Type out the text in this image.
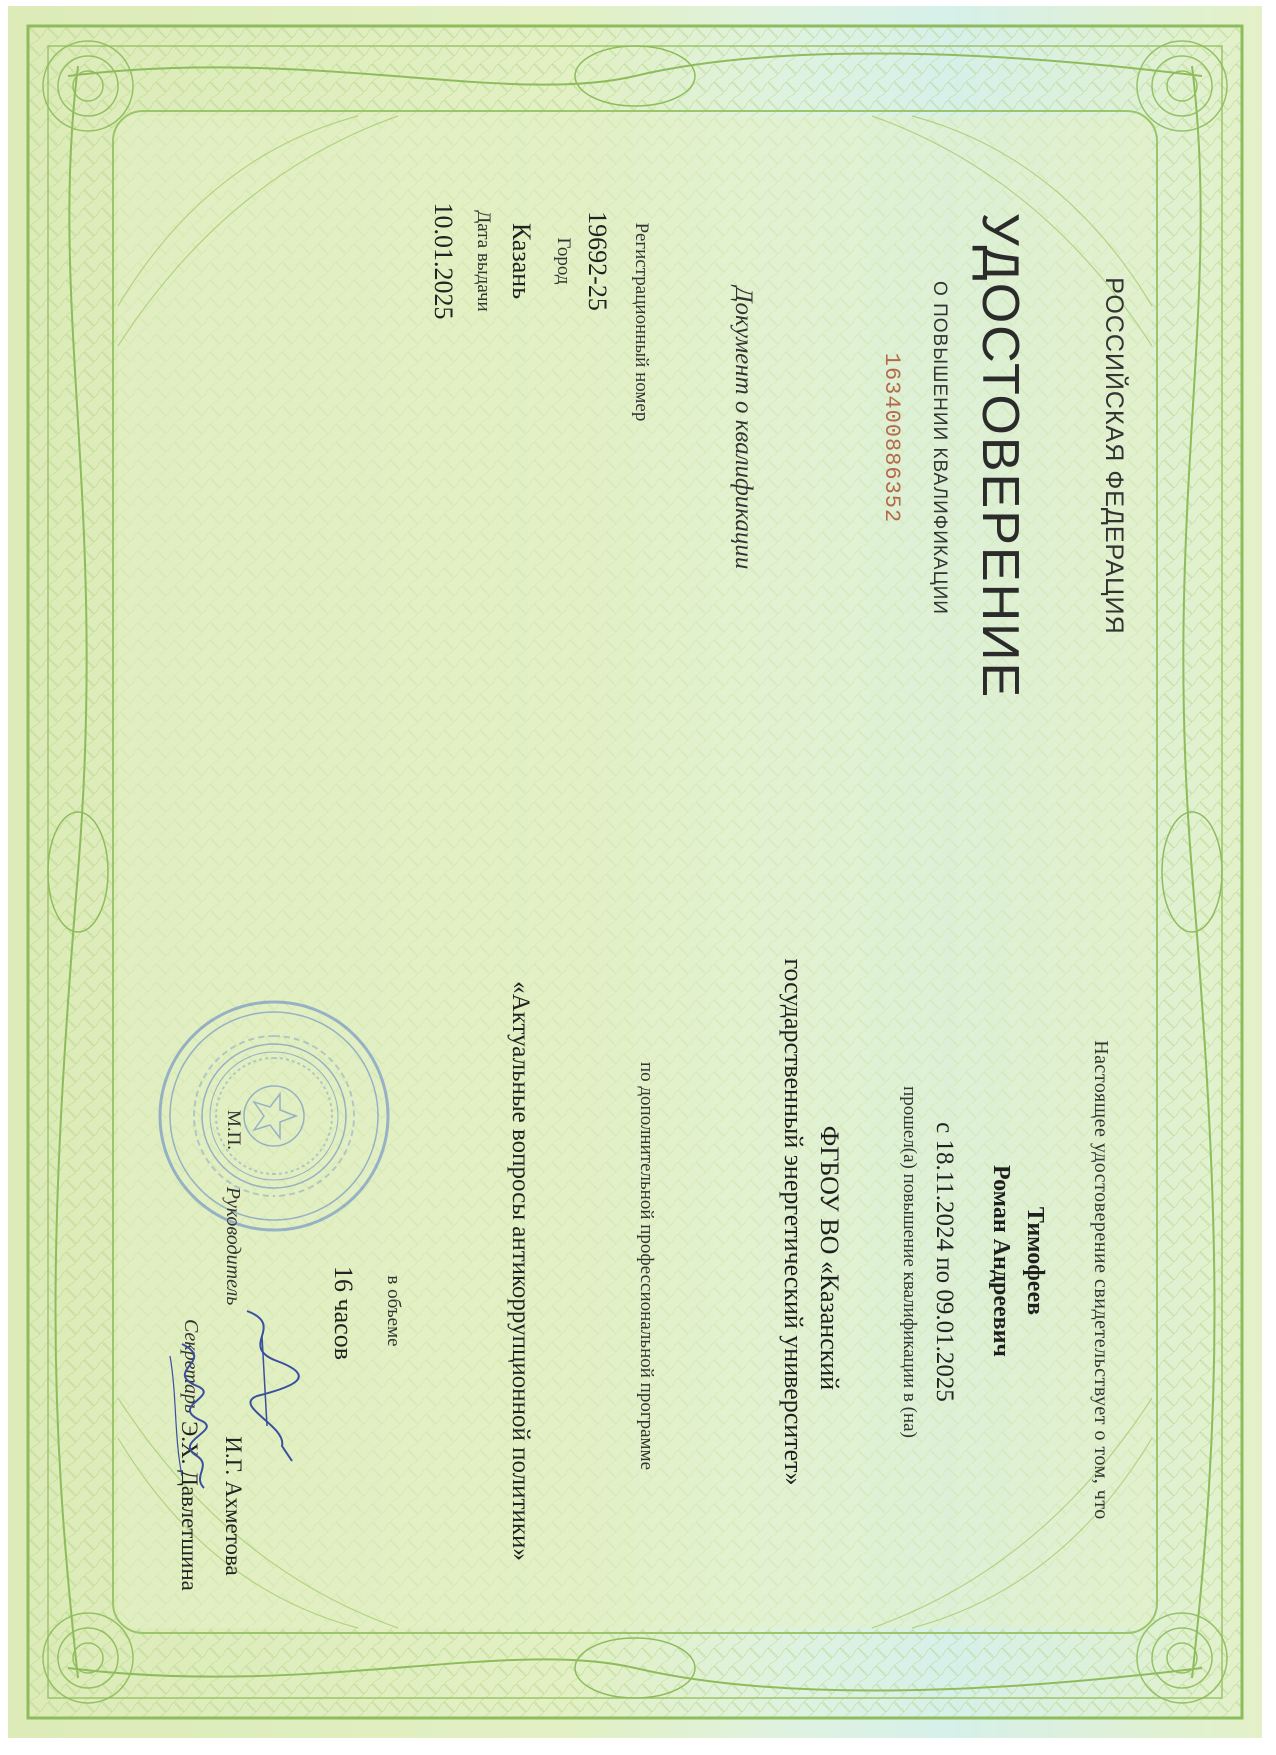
РОССИЙСКАЯ ФЕДЕРАЦИЯ
УДОСТОВЕРЕНИЕ
О ПОВЫШЕНИИ КВАЛИФИКАЦИИ
163400886352
Документ о квалификации
Регистрационный номер
19692-25
Город
Казань
Дата выдачи
10.01.2025
Настоящее удостоверение свидетельствует о том, что
Тимофеев
Роман Андреевич
с 18.11.2024 по 09.01.2025
прошел(а) повышение квалификации в (на)
ФГБОУ ВО «Казанский
государственный энергетический университет»
по дополнительной профессиональной программе
«Актуальные вопросы антикоррупционной политики»
в объеме
16 часов
М.П.
Руководитель
И.Г. Ахметова
Секретарь
Э.Х. Давлетшина
